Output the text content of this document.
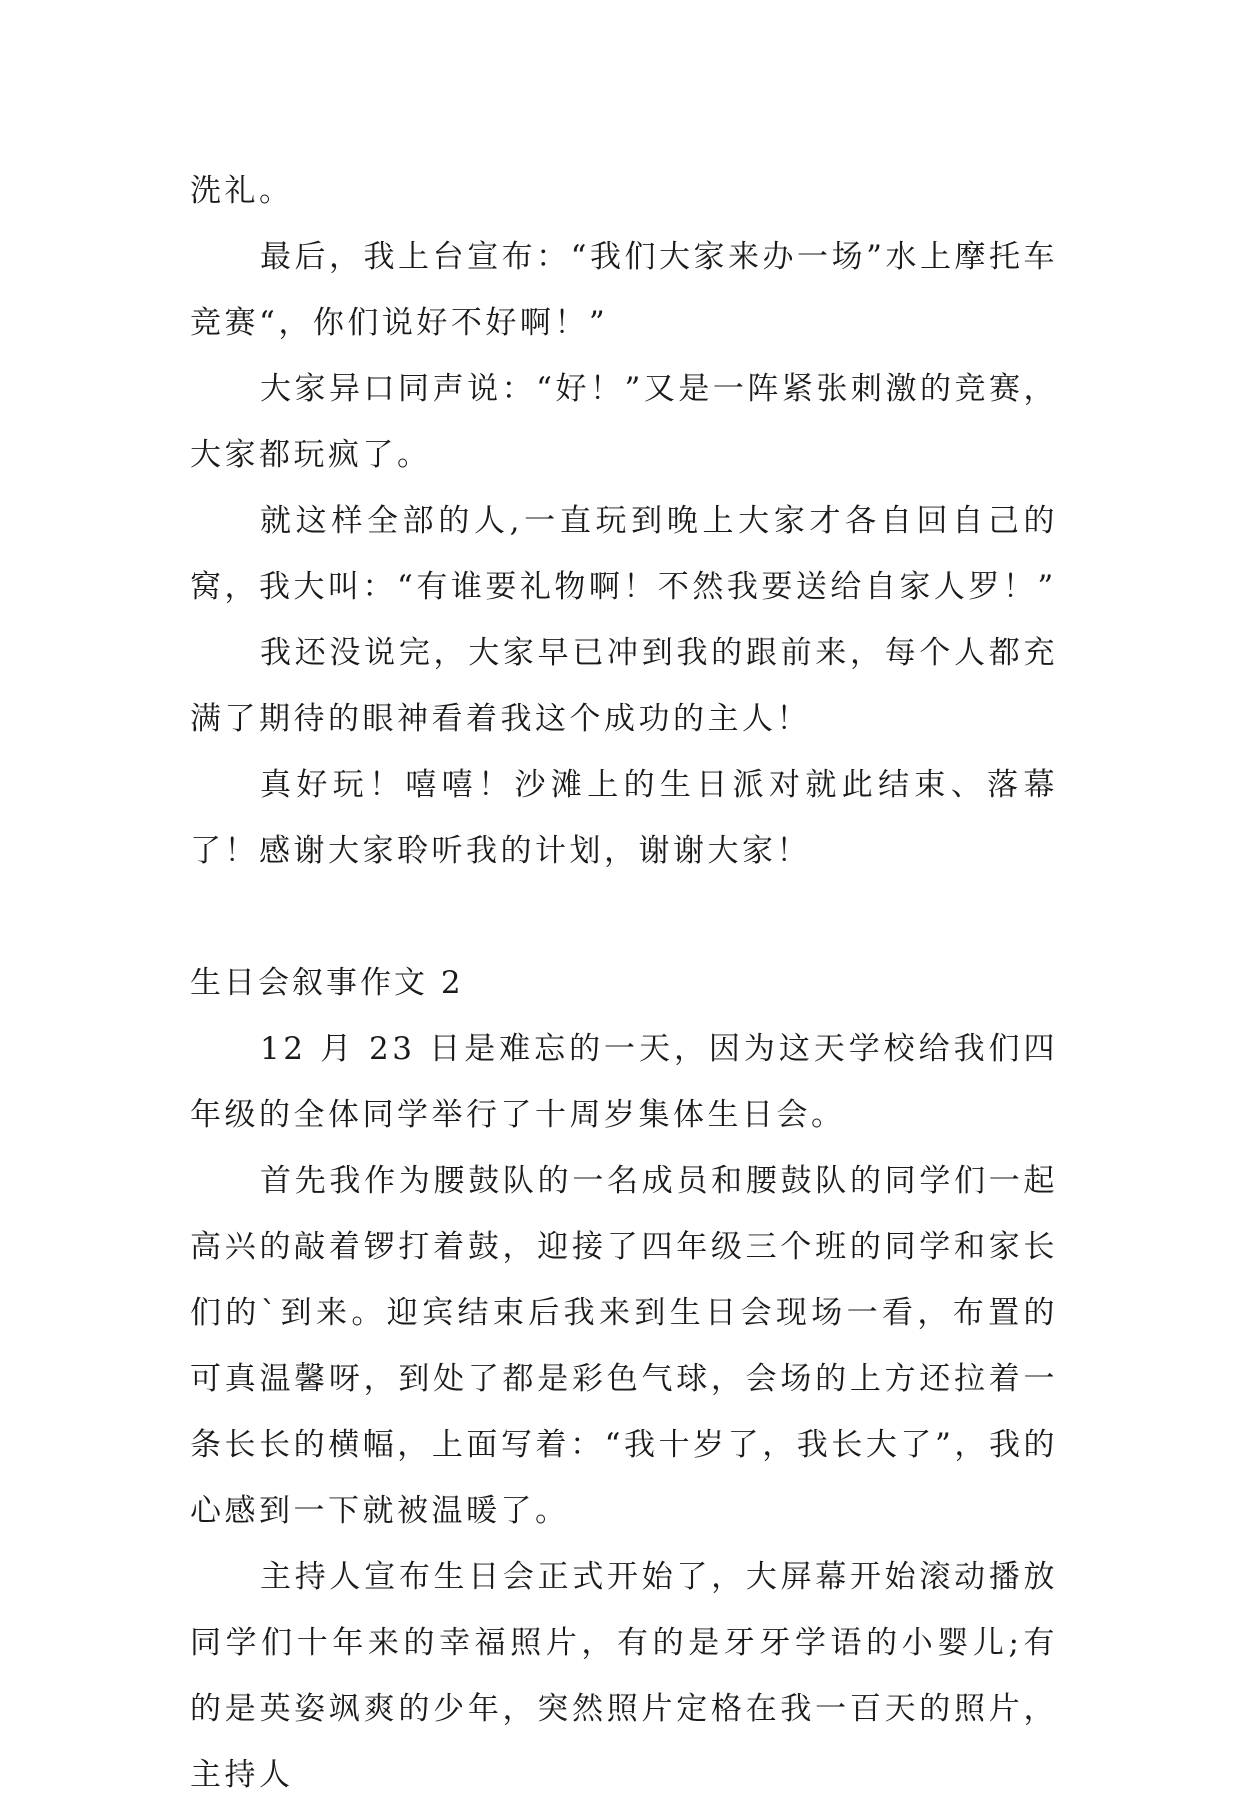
洗礼。

最后，我上台宣布：“我们大家来办一场”水上摩托车竞赛“，你们说好不好啊！”

大家异口同声说：“好！”又是一阵紧张刺激的竞赛，大家都玩疯了。

就这样全部的人,一直玩到晚上大家才各自回自己的窝，我大叫：“有谁要礼物啊！不然我要送给自家人罗！”

我还没说完，大家早已冲到我的跟前来，每个人都充满了期待的眼神看着我这个成功的主人！

真好玩！嘻嘻！沙滩上的生日派对就此结束、落幕了！感谢大家聆听我的计划，谢谢大家！

生日会叙事作文 2

12 月 23 日是难忘的一天，因为这天学校给我们四年级的全体同学举行了十周岁集体生日会。

首先我作为腰鼓队的一名成员和腰鼓队的同学们一起高兴的敲着锣打着鼓，迎接了四年级三个班的同学和家长们的`到来。迎宾结束后我来到生日会现场一看，布置的可真温馨呀，到处了都是彩色气球，会场的上方还拉着一条长长的横幅，上面写着：“我十岁了，我长大了”，我的心感到一下就被温暖了。

主持人宣布生日会正式开始了，大屏幕开始滚动播放同学们十年来的幸福照片，有的是牙牙学语的小婴儿;有的是英姿飒爽的少年，突然照片定格在我一百天的照片，主持人
